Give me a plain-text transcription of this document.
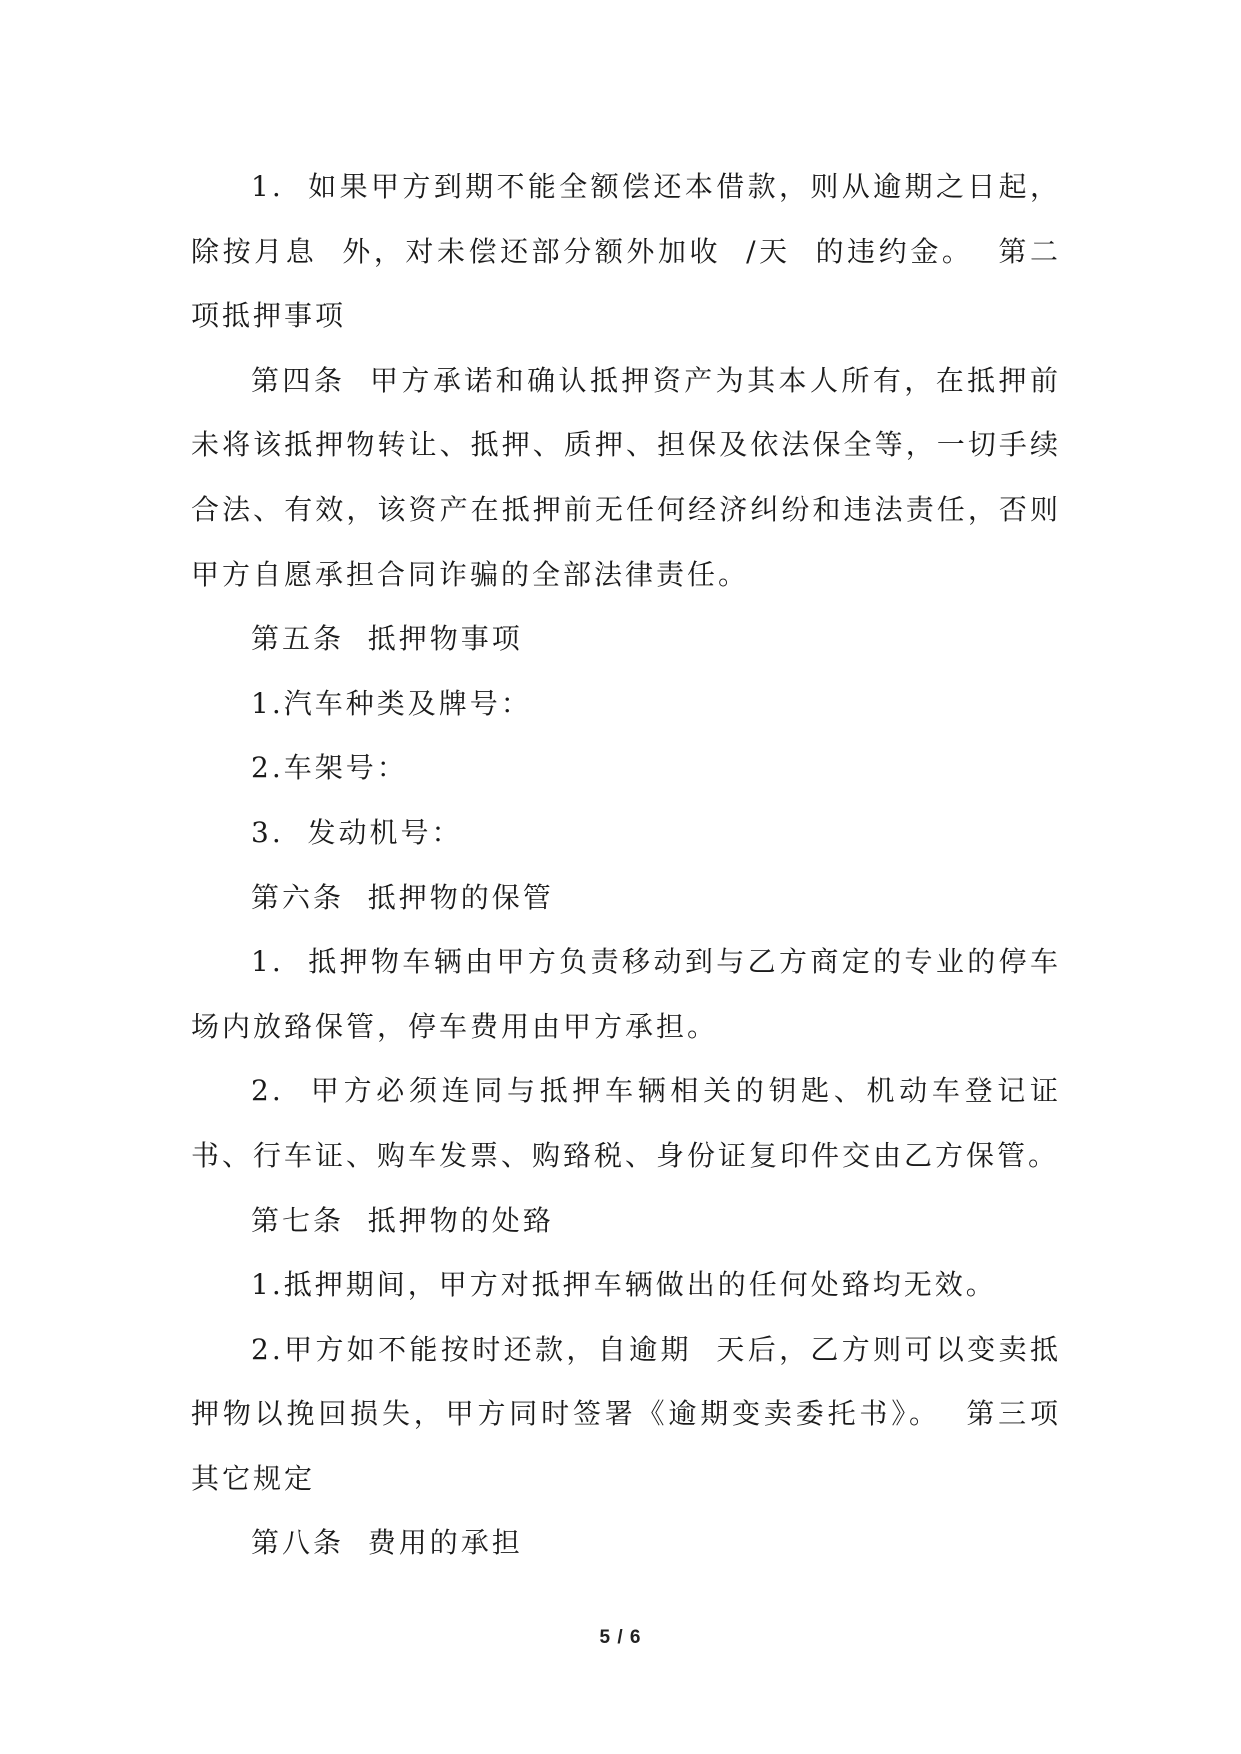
1.  如果甲方到期不能全额偿还本借款，则从逾期之日起，除按月息  外，对未偿还部分额外加收  /天  的违约金。  第二项抵押事项

第四条  甲方承诺和确认抵押资产为其本人所有，在抵押前未将该抵押物转让、抵押、质押、担保及依法保全等，一切手续合法、有效，该资产在抵押前无任何经济纠纷和违法责任，否则甲方自愿承担合同诈骗的全部法律责任。

第五条  抵押物事项

1.汽车种类及牌号：

2.车架号：

3.  发动机号：

第六条  抵押物的保管

1.  抵押物车辆由甲方负责移动到与乙方商定的专业的停车场内放臵保管，停车费用由甲方承担。

2.  甲方必须连同与抵押车辆相关的钥匙、机动车登记证书、行车证、购车发票、购臵税、身份证复印件交由乙方保管。

第七条  抵押物的处臵

1.抵押期间，甲方对抵押车辆做出的任何处臵均无效。

2.甲方如不能按时还款，自逾期  天后，乙方则可以变卖抵押物以挽回损失，甲方同时签署《逾期变卖委托书》。  第三项其它规定

第八条  费用的承担

5 / 6
